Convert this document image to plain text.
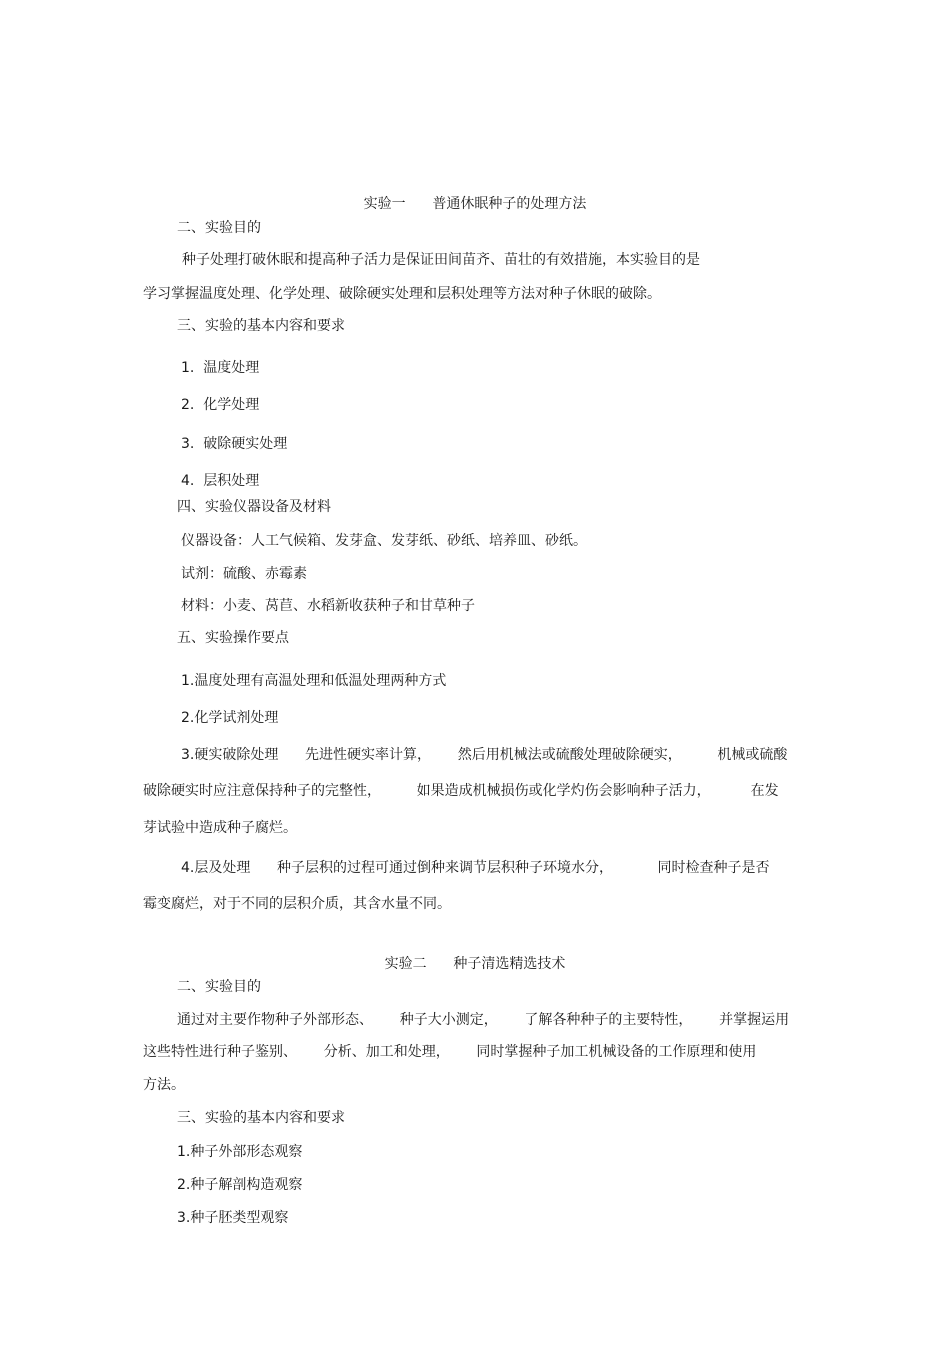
实验一      普通休眠种子的处理方法
二、实验目的
种子处理打破休眠和提高种子活力是保证田间苗齐、苗壮的有效措施，本实验目的是
学习掌握温度处理、化学处理、破除硬实处理和层积处理等方法对种子休眠的破除。
三、实验的基本内容和要求
1.  温度处理
2.  化学处理
3.  破除硬实处理
4.  层积处理
四、实验仪器设备及材料
仪器设备：人工气候箱、发芽盒、发芽纸、砂纸、培养皿、砂纸。
试剂：硫酸、赤霉素
材料：小麦、莴苣、水稻新收获种子和甘草种子
五、实验操作要点
1.温度处理有高温处理和低温处理两种方式
2.化学试剂处理
3.硬实破除处理      先进性硬实率计算，      然后用机械法或硫酸处理破除硬实，        机械或硫酸
破除硬实时应注意保持种子的完整性，        如果造成机械损伤或化学灼伤会影响种子活力，         在发
芽试验中造成种子腐烂。
4.层及处理      种子层积的过程可通过倒种来调节层积种子环境水分，          同时检查种子是否
霉变腐烂，对于不同的层积介质，其含水量不同。
实验二      种子清选精选技术
二、实验目的
通过对主要作物种子外部形态、      种子大小测定，      了解各种种子的主要特性，      并掌握运用
这些特性进行种子鉴别、      分析、加工和处理，      同时掌握种子加工机械设备的工作原理和使用
方法。
三、实验的基本内容和要求
1.种子外部形态观察
2.种子解剖构造观察
3.种子胚类型观察
